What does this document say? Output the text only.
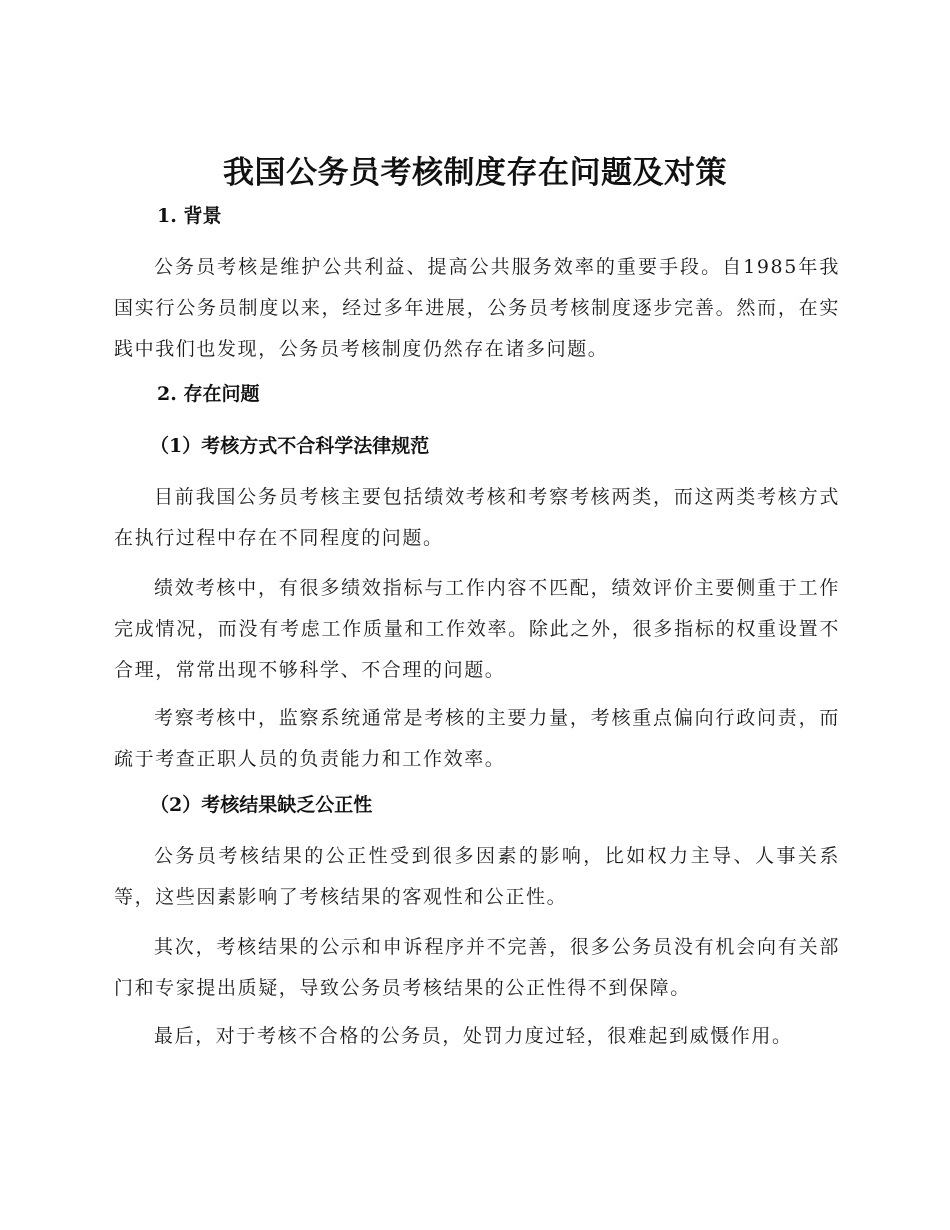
我国公务员考核制度存在问题及对策
1. 背景

公务员考核是维护公共利益、提高公共服务效率的重要手段。自1985年我国实行公务员制度以来，经过多年进展，公务员考核制度逐步完善。然而，在实践中我们也发现，公务员考核制度仍然存在诸多问题。

2. 存在问题
（1）考核方式不合科学法律规范

目前我国公务员考核主要包括绩效考核和考察考核两类，而这两类考核方式在执行过程中存在不同程度的问题。

绩效考核中，有很多绩效指标与工作内容不匹配，绩效评价主要侧重于工作完成情况，而没有考虑工作质量和工作效率。除此之外，很多指标的权重设置不合理，常常出现不够科学、不合理的问题。

考察考核中，监察系统通常是考核的主要力量，考核重点偏向行政问责，而疏于考查正职人员的负责能力和工作效率。

（2）考核结果缺乏公正性

公务员考核结果的公正性受到很多因素的影响，比如权力主导、人事关系等，这些因素影响了考核结果的客观性和公正性。

其次，考核结果的公示和申诉程序并不完善，很多公务员没有机会向有关部门和专家提出质疑，导致公务员考核结果的公正性得不到保障。

最后，对于考核不合格的公务员，处罚力度过轻，很难起到威慑作用。
